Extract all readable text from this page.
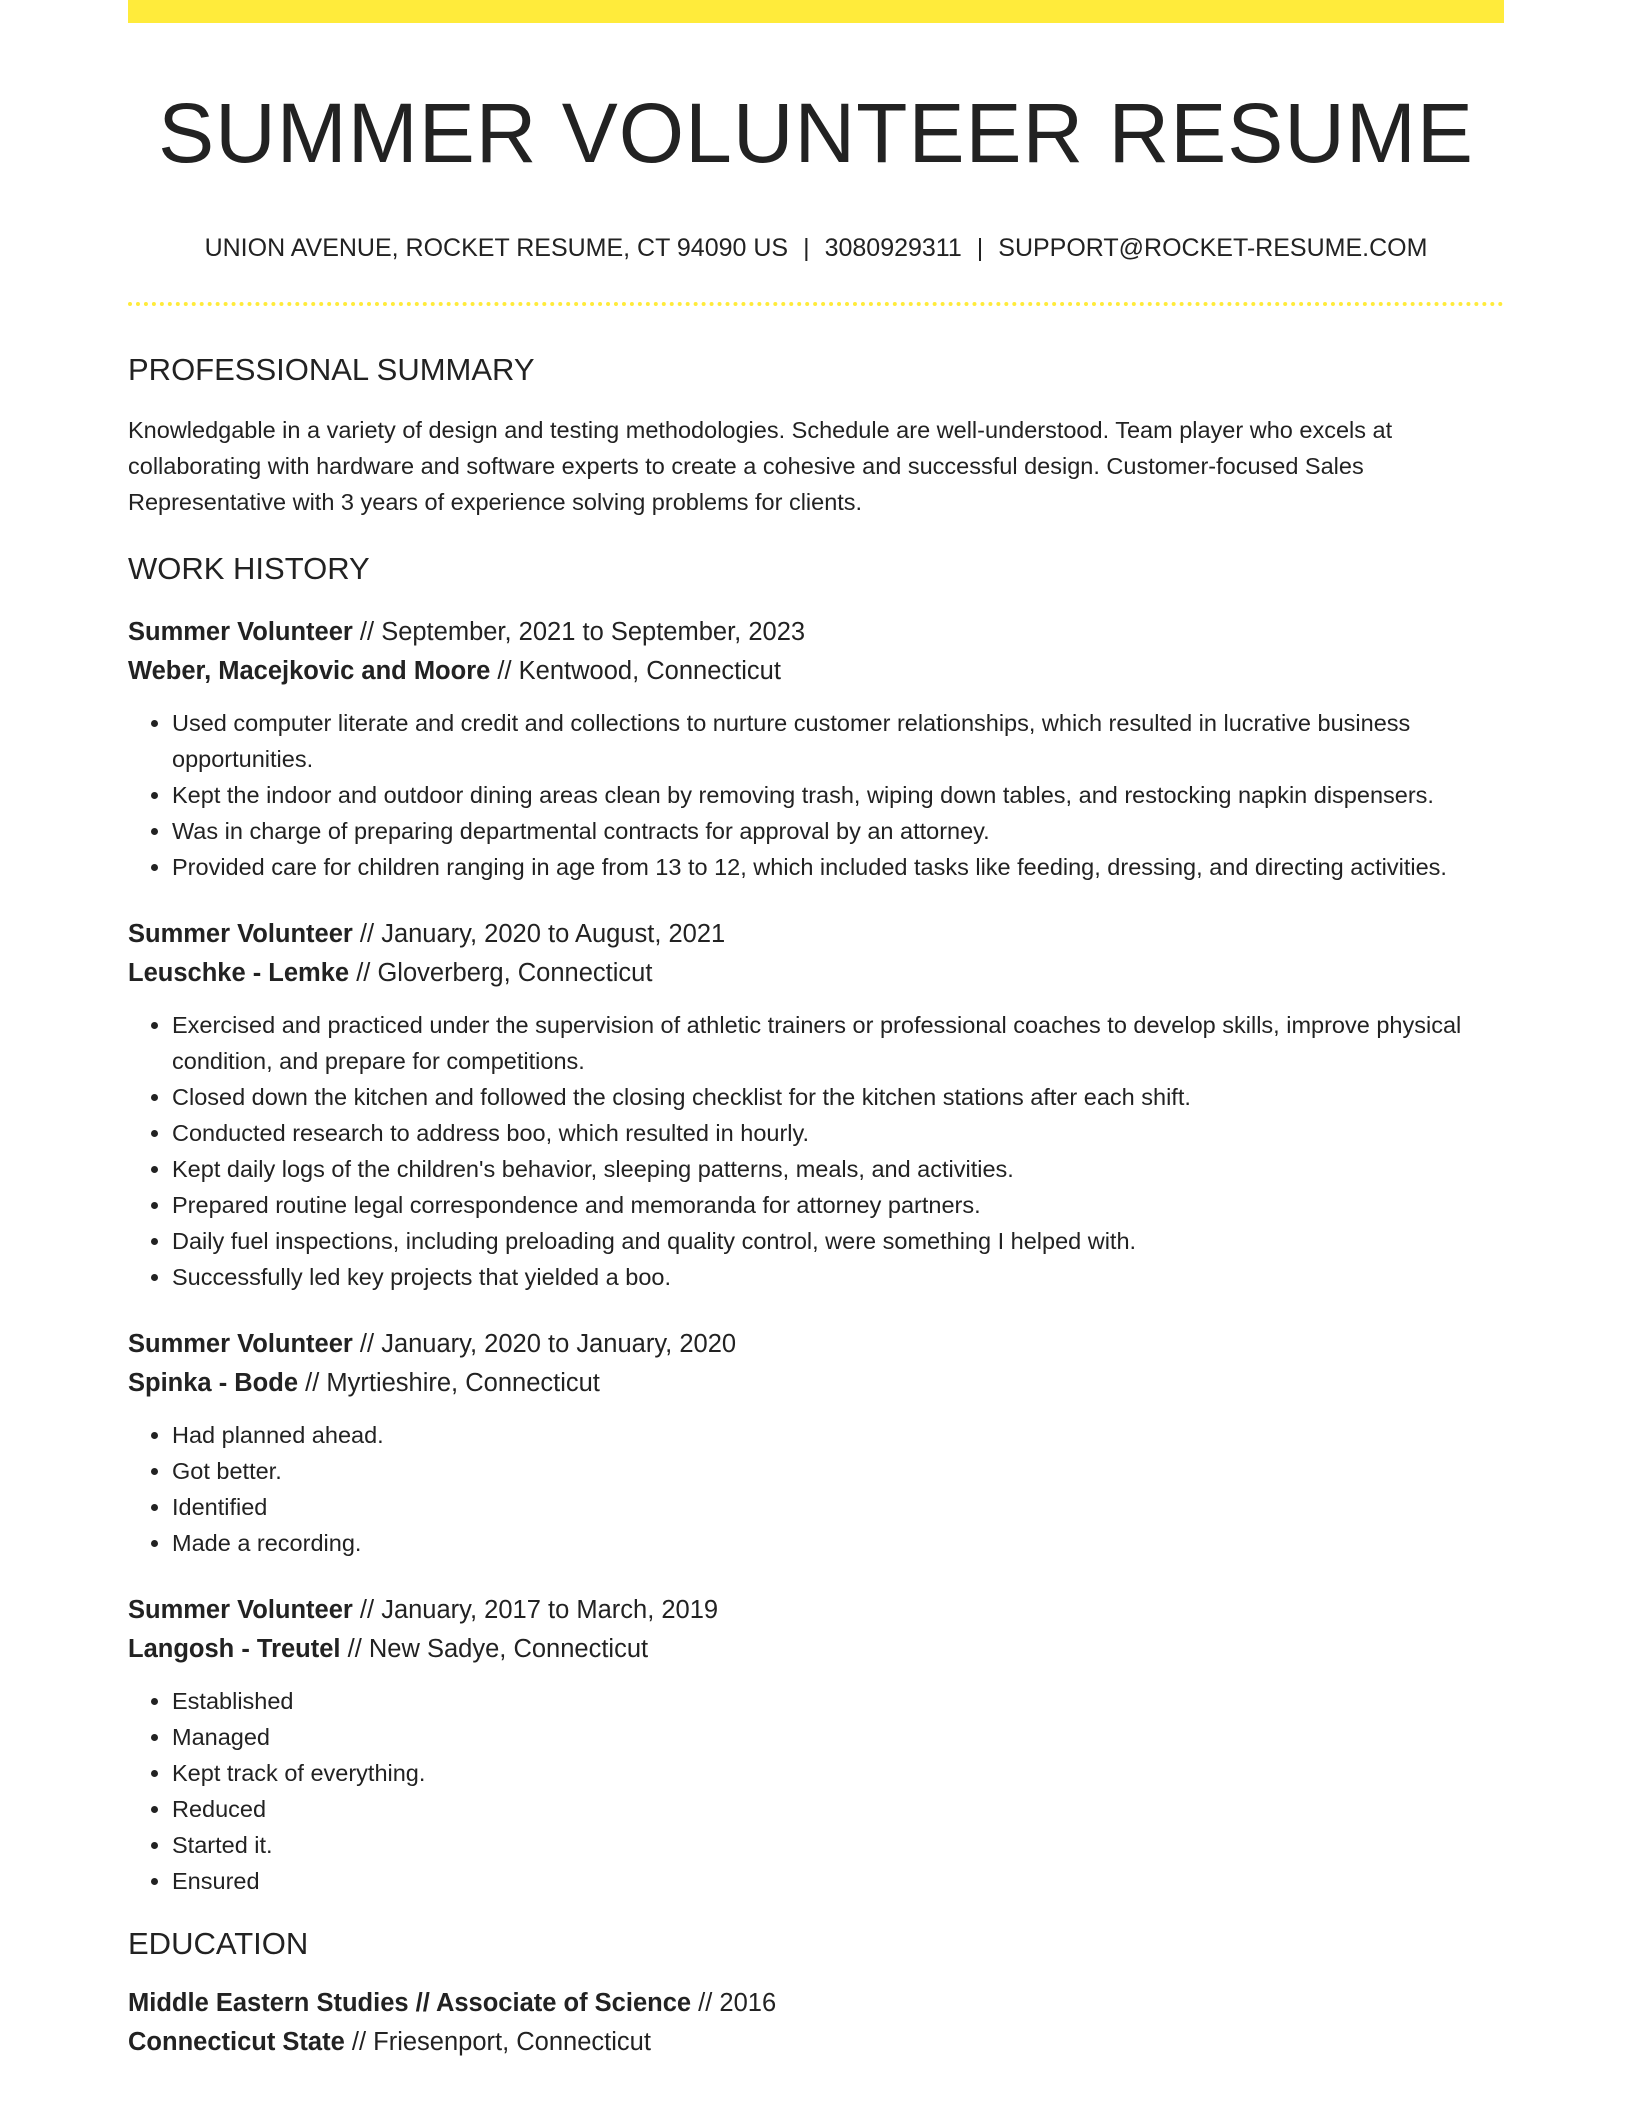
SUMMER VOLUNTEER RESUME
UNION AVENUE, ROCKET RESUME, CT 94090 US | 3080929311 | SUPPORT@ROCKET-RESUME.COM
PROFESSIONAL SUMMARY

Knowledgable in a variety of design and testing methodologies. Schedule are well-understood. Team player who excels at collaborating with hardware and software experts to create a cohesive and successful design. Customer-focused Sales Representative with 3 years of experience solving problems for clients.

WORK HISTORY
Summer Volunteer // September, 2021 to September, 2023
Weber, Macejkovic and Moore // Kentwood, Connecticut
• Used computer literate and credit and collections to nurture customer relationships, which resulted in lucrative business opportunities.
• Kept the indoor and outdoor dining areas clean by removing trash, wiping down tables, and restocking napkin dispensers.
• Was in charge of preparing departmental contracts for approval by an attorney.
• Provided care for children ranging in age from 13 to 12, which included tasks like feeding, dressing, and directing activities.
Summer Volunteer // January, 2020 to August, 2021
Leuschke - Lemke // Gloverberg, Connecticut
• Exercised and practiced under the supervision of athletic trainers or professional coaches to develop skills, improve physical condition, and prepare for competitions.
• Closed down the kitchen and followed the closing checklist for the kitchen stations after each shift.
• Conducted research to address boo, which resulted in hourly.
• Kept daily logs of the children's behavior, sleeping patterns, meals, and activities.
• Prepared routine legal correspondence and memoranda for attorney partners.
• Daily fuel inspections, including preloading and quality control, were something I helped with.
• Successfully led key projects that yielded a boo.
Summer Volunteer // January, 2020 to January, 2020
Spinka - Bode // Myrtieshire, Connecticut
• Had planned ahead.
• Got better.
• Identified
• Made a recording.
Summer Volunteer // January, 2017 to March, 2019
Langosh - Treutel // New Sadye, Connecticut
• Established
• Managed
• Kept track of everything.
• Reduced
• Started it.
• Ensured
EDUCATION
Middle Eastern Studies // Associate of Science // 2016
Connecticut State // Friesenport, Connecticut
